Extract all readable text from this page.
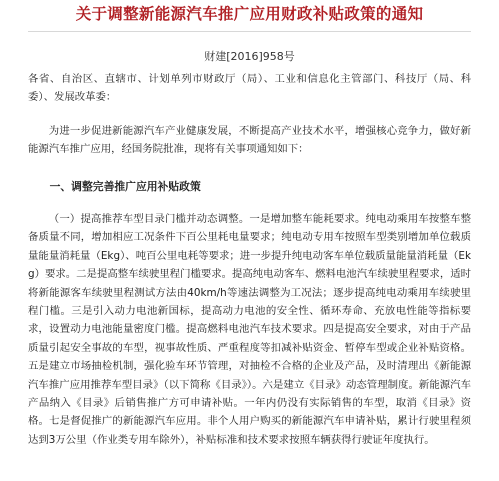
关于调整新能源汽车推广应用财政补贴政策的通知
财建[2016]958号
各省、自治区、直辖市、计划单列市财政厅（局）、工业和信息化主管部门、科技厅（局、科委）、发展改革委：
为进一步促进新能源汽车产业健康发展，不断提高产业技术水平，增强核心竞争力，做好新能源汽车推广应用，经国务院批准，现将有关事项通知如下：
一、调整完善推广应用补贴政策
（一）提高推荐车型目录门槛并动态调整。一是增加整车能耗要求。纯电动乘用车按整车整备质量不同，增加相应工况条件下百公里耗电量要求；纯电动专用车按照车型类别增加单位载质量能量消耗量（Ekg）、吨百公里电耗等要求；进一步提升纯电动客车单位载质量能量消耗量（Ekg）要求。二是提高整车续驶里程门槛要求。提高纯电动客车、燃料电池汽车续驶里程要求，适时将新能源客车续驶里程测试方法由40km/h等速法调整为工况法；逐步提高纯电动乘用车续驶里程门槛。三是引入动力电池新国标，提高动力电池的安全性、循环寿命、充放电性能等指标要求，设置动力电池能量密度门槛。提高燃料电池汽车技术要求。四是提高安全要求，对由于产品质量引起安全事故的车型，视事故性质、严重程度等扣减补贴资金、暂停车型或企业补贴资格。五是建立市场抽检机制，强化验车环节管理，对抽检不合格的企业及产品，及时清理出《新能源汽车推广应用推荐车型目录》（以下简称《目录》）。六是建立《目录》动态管理制度。新能源汽车产品纳入《目录》后销售推广方可申请补贴。一年内仍没有实际销售的车型，取消《目录》资格。七是督促推广的新能源汽车应用。非个人用户购买的新能源汽车申请补贴，累计行驶里程须达到3万公里（作业类专用车除外），补贴标准和技术要求按照车辆获得行驶证年度执行。
